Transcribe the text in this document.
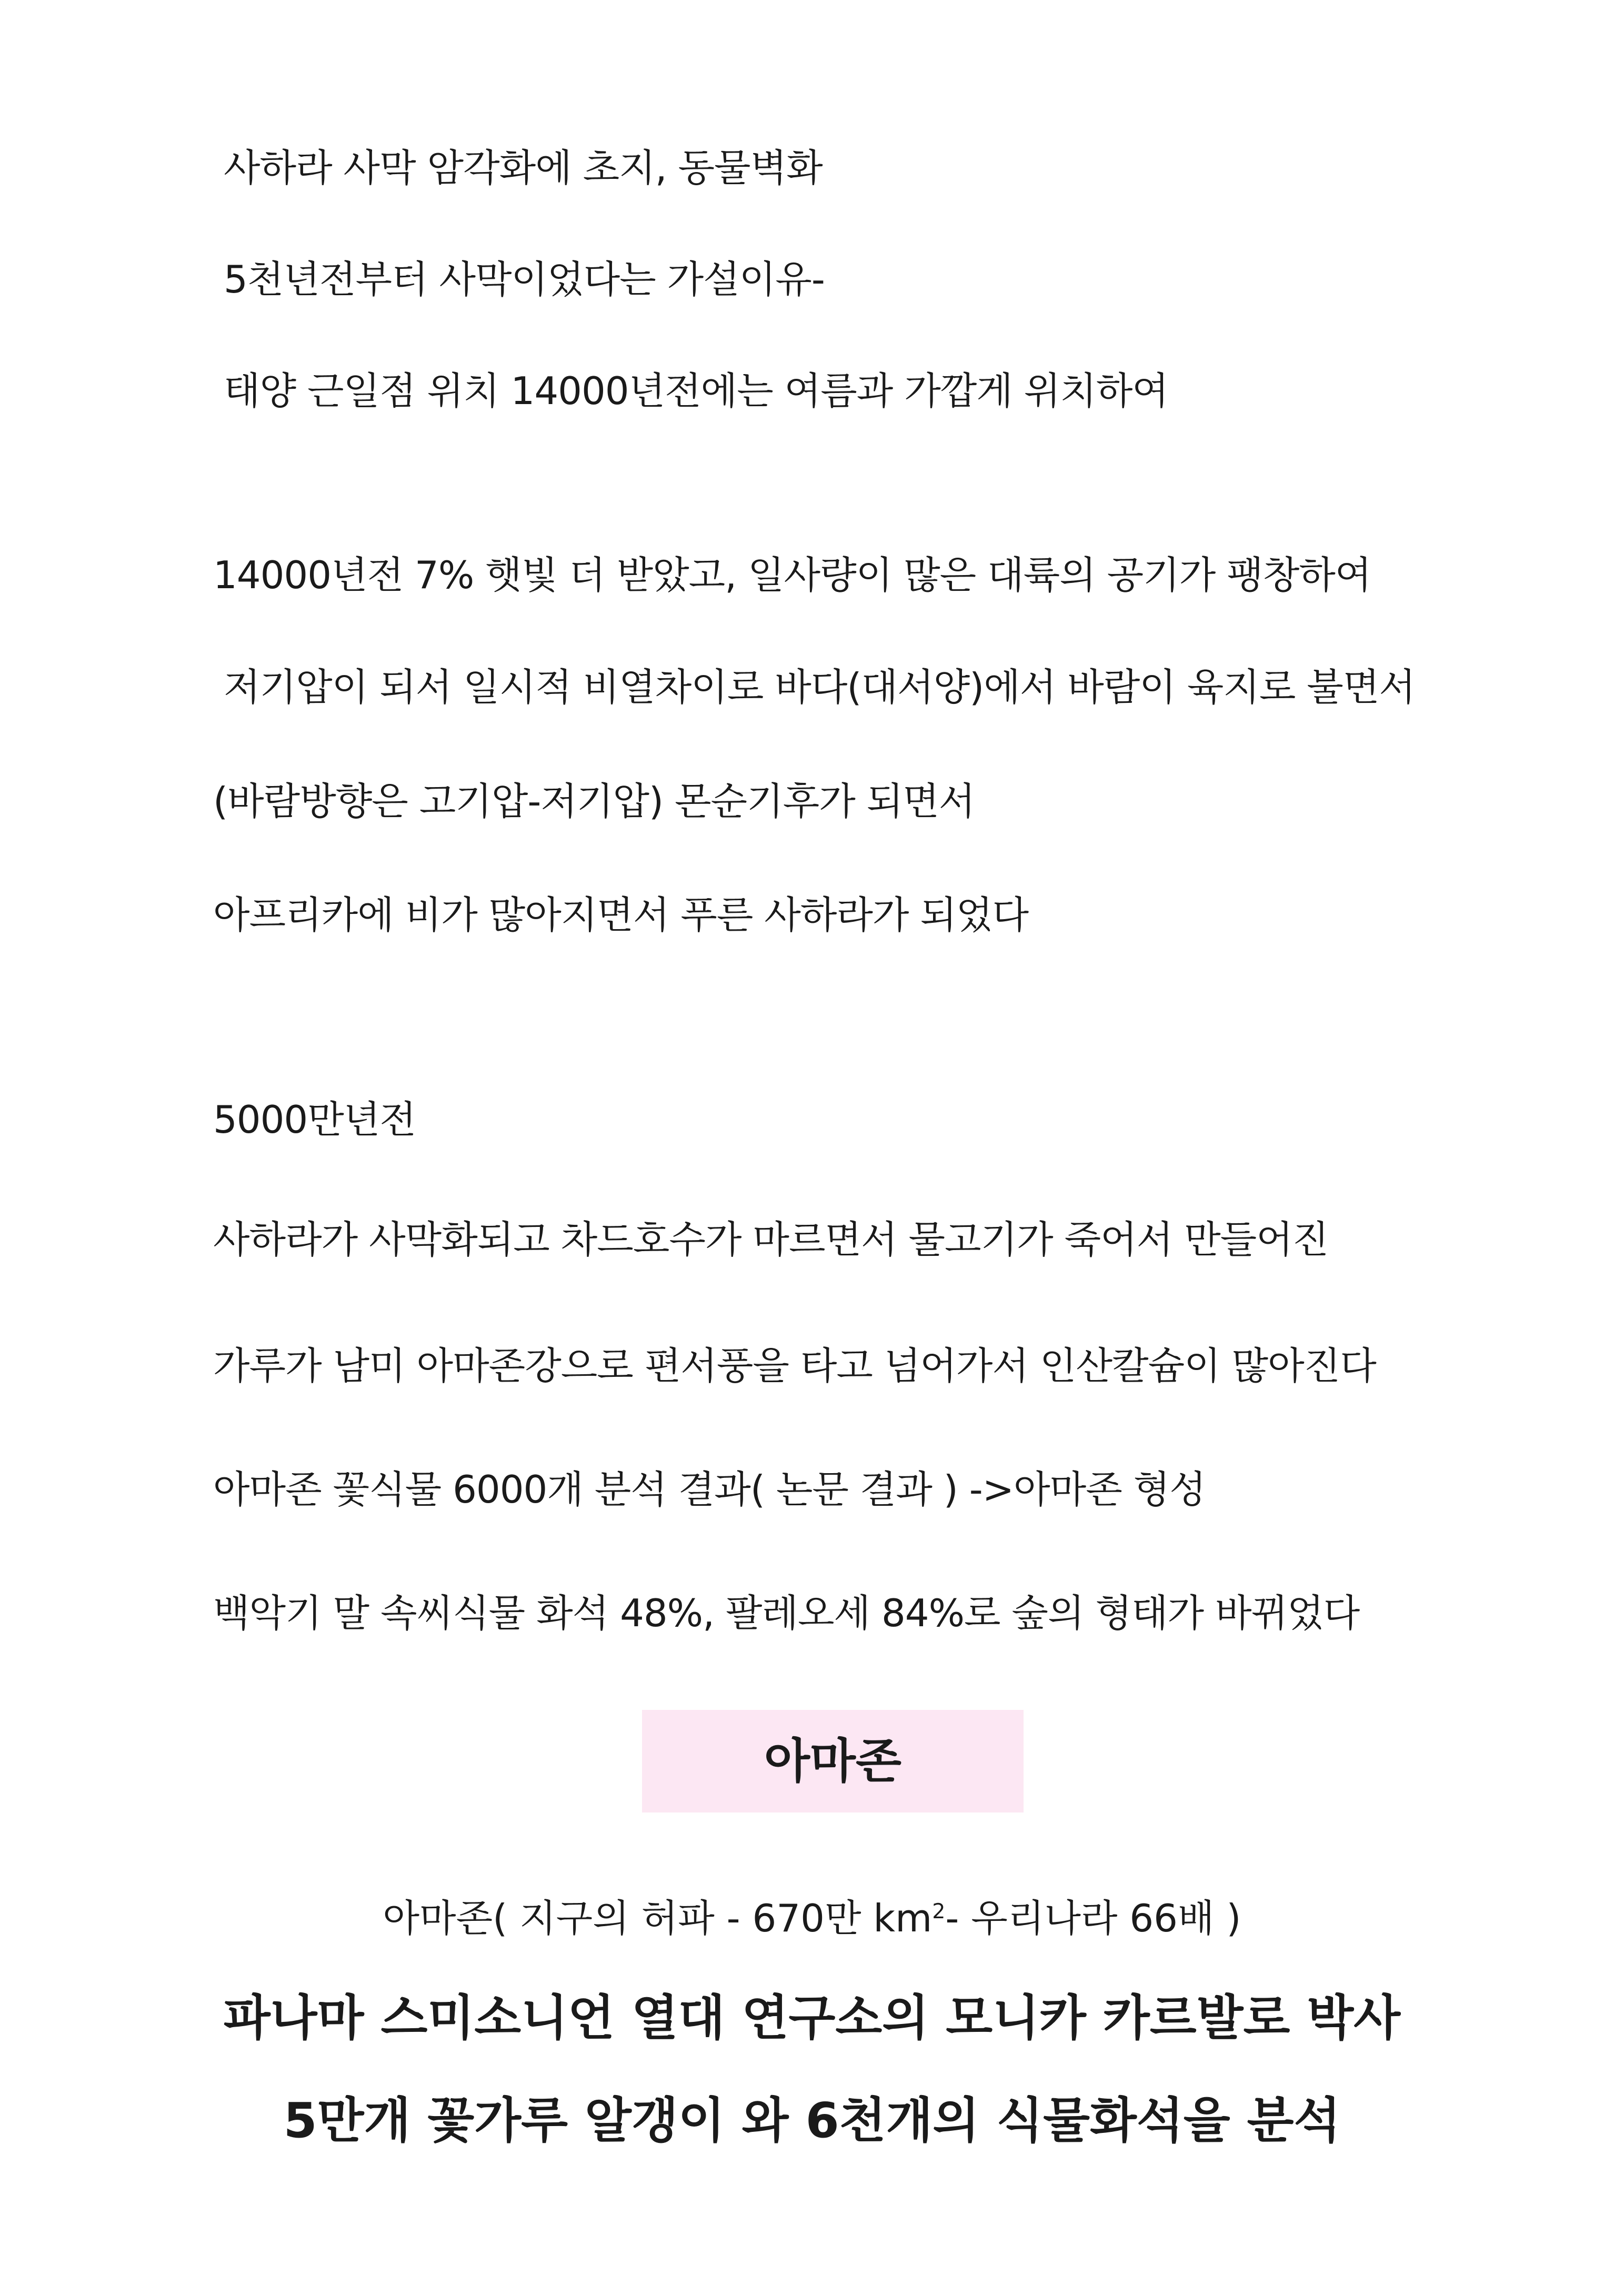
사하라 사막 암각화에 초지, 동물벽화

5천년전부터 사막이었다는 가설이유-

태양 근일점 위치 14000년전에는 여름과 가깝게 위치하여

14000년전 7% 햇빛 더 받았고, 일사량이 많은 대륙의 공기가 팽창하여

저기압이 되서 일시적 비열차이로 바다(대서양)에서 바람이 육지로 불면서

(바람방향은 고기압-저기압) 몬순기후가 되면서

아프리카에 비가 많아지면서 푸른 사하라가 되었다

5000만년전

사하라가 사막화되고 차드호수가 마르면서 물고기가 죽어서 만들어진

가루가 남미 아마존강으로 편서풍을 타고 넘어가서 인산칼슘이 많아진다

아마존 꽃식물 6000개 분석 결과( 논문 결과 ) ->아마존 형성

백악기 말 속씨식물 화석 48%, 팔레오세 84%로 숲의 형태가 바뀌었다

아마존

아마존( 지구의 허파 - 670만 $km^2-$ 우리나라 66배 )

파나마 스미소니언 열대 연구소의 모니카 카르발로 박사

5만개 꽃가루 알갱이 와 6천개의 식물화석을 분석
